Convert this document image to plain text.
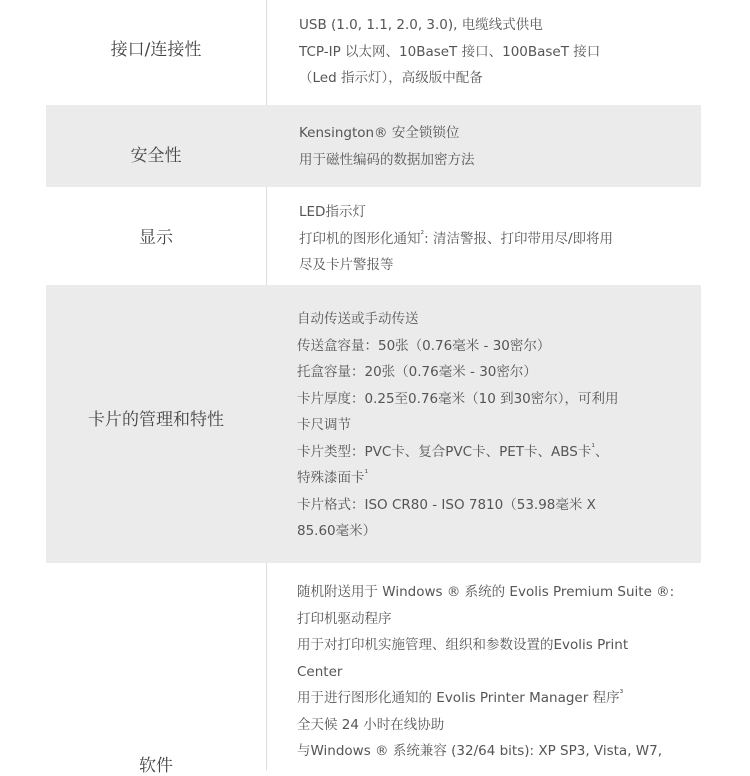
接口/连接性
USB (1.0, 1.1, 2.0, 3.0), 电缆线式供电
TCP-IP 以太网、10BaseT 接口、100BaseT 接口
（Led 指示灯），高级版中配备
安全性
Kensington® 安全锁锁位
用于磁性编码的数据加密方法
显示
LED指示灯
打印机的图形化通知$^{^2}$: 清洁警报、打印带用尽/即将用
尽及卡片警报等
卡片的管理和特性
自动传送或手动传送
传送盒容量：50张（0.76毫米 - 30密尔）
托盒容量：20张（0.76毫米 - 30密尔）
卡片厚度：0.25至0.76毫米（10 到30密尔），可利用
卡尺调节
卡片类型：PVC卡、复合PVC卡、PET卡、ABS卡$^{^1}$、
特殊漆面卡$^{^1}$
卡片格式：ISO CR80 - ISO 7810（53.98毫米 X
85.60毫米）
软件
随机附送用于 Windows ® 系统的 Evolis Premium Suite ®:
打印机驱动程序
用于对打印机实施管理、组织和参数设置的Evolis Print
Center
用于进行图形化通知的 Evolis Printer Manager 程序$^{^3}$
全天候 24 小时在线协助
与Windows ® 系统兼容 (32/64 bits): XP SP3, Vista, W7,
